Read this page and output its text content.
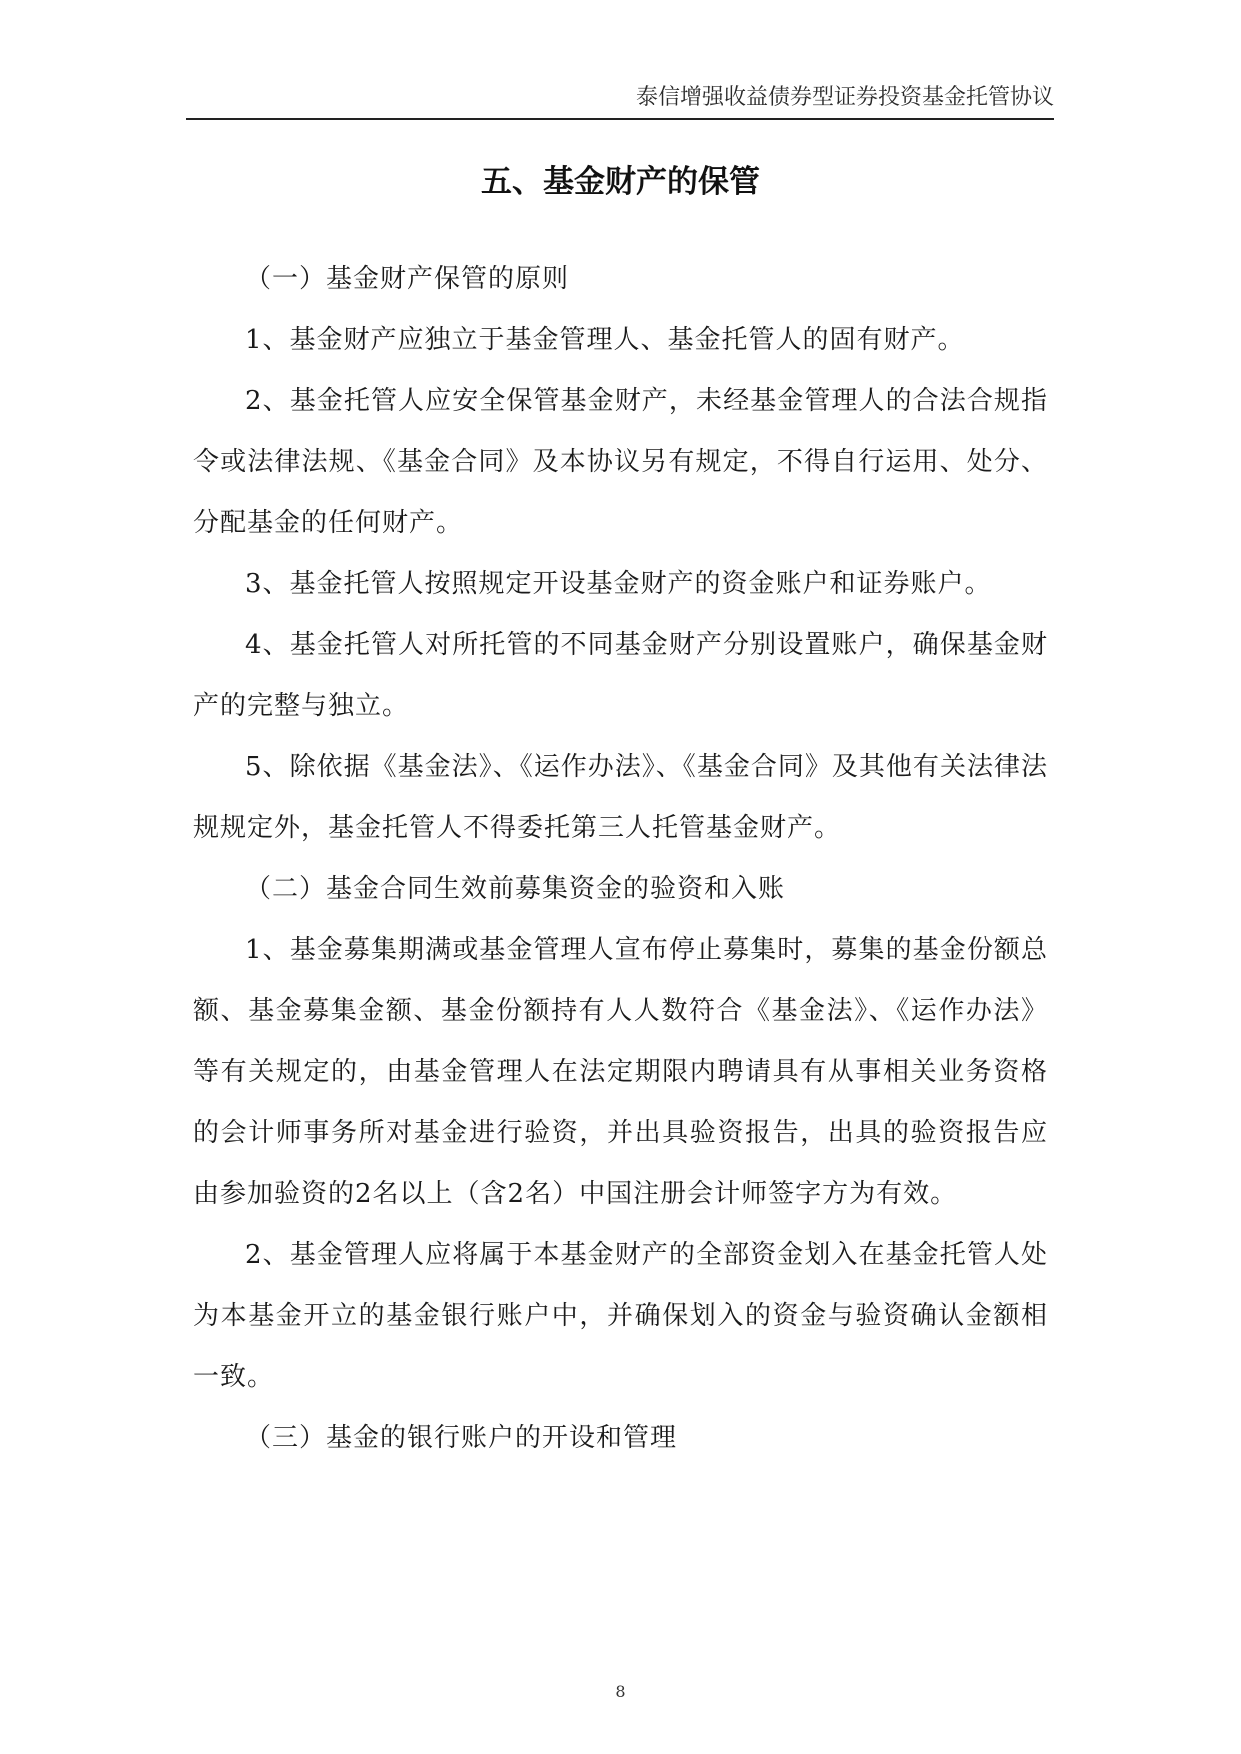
泰信增强收益债券型证券投资基金托管协议
五、基金财产的保管

（一）基金财产保管的原则

1、基金财产应独立于基金管理人、基金托管人的固有财产。

2、基金托管人应安全保管基金财产，未经基金管理人的合法合规指令或法律法规、《基金合同》及本协议另有规定，不得自行运用、处分、分配基金的任何财产。

3、基金托管人按照规定开设基金财产的资金账户和证券账户。

4、基金托管人对所托管的不同基金财产分别设置账户，确保基金财产的完整与独立。

5、除依据《基金法》、《运作办法》、《基金合同》及其他有关法律法规规定外，基金托管人不得委托第三人托管基金财产。

（二）基金合同生效前募集资金的验资和入账

1、基金募集期满或基金管理人宣布停止募集时，募集的基金份额总额、基金募集金额、基金份额持有人人数符合《基金法》、《运作办法》等有关规定的，由基金管理人在法定期限内聘请具有从事相关业务资格的会计师事务所对基金进行验资，并出具验资报告，出具的验资报告应由参加验资的2名以上（含2名）中国注册会计师签字方为有效。

2、基金管理人应将属于本基金财产的全部资金划入在基金托管人处为本基金开立的基金银行账户中，并确保划入的资金与验资确认金额相一致。

（三）基金的银行账户的开设和管理

8
